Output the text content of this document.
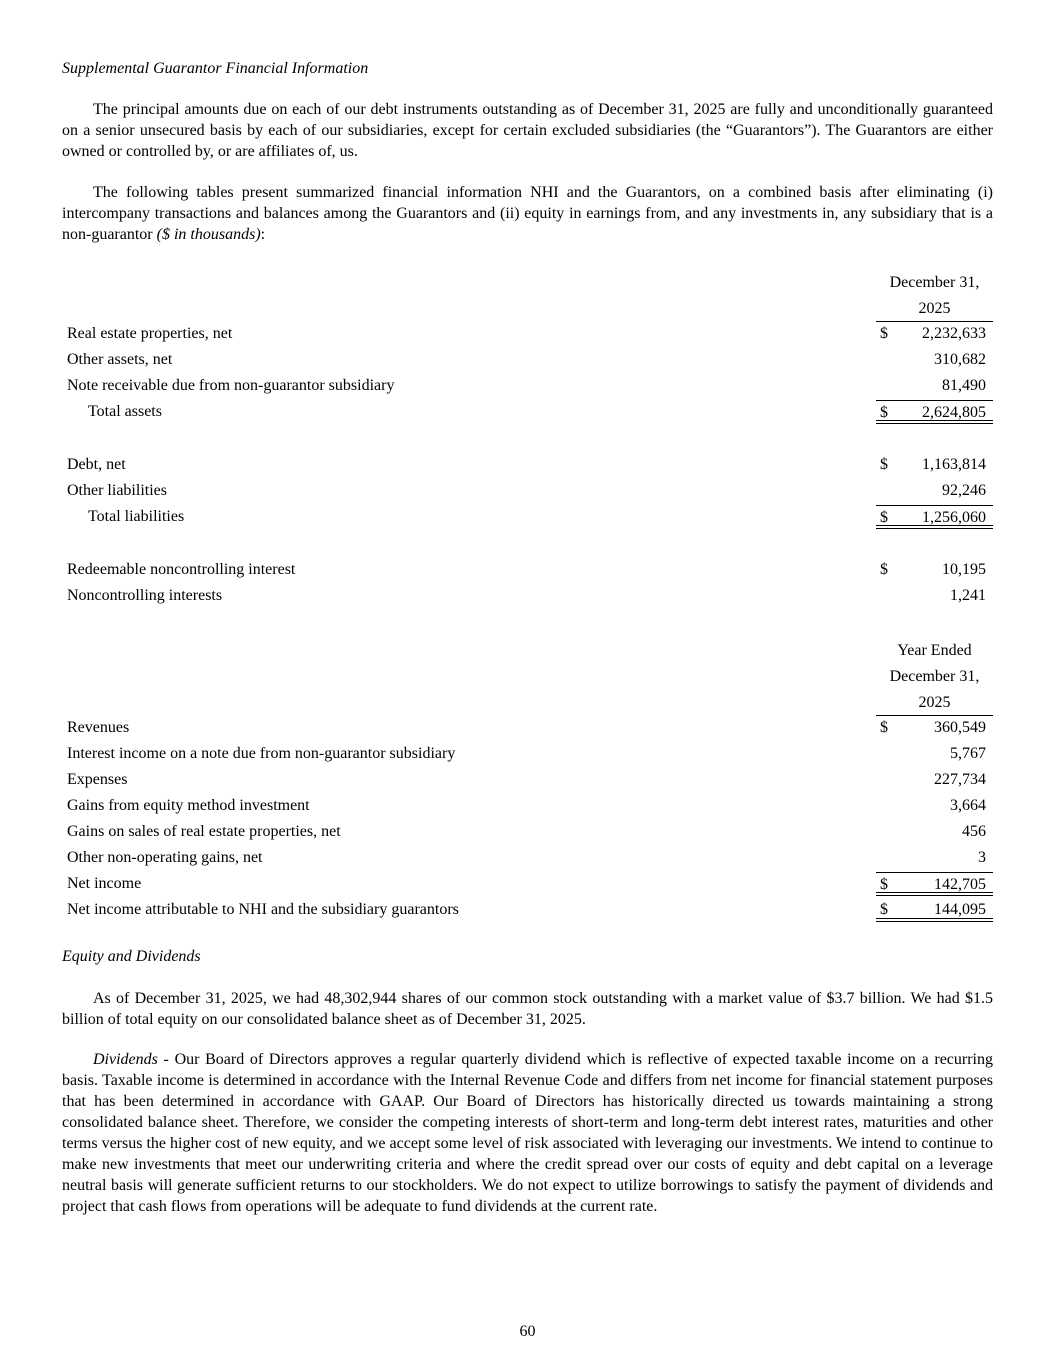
Supplemental Guarantor Financial Information

The principal amounts due on each of our debt instruments outstanding as of December 31, 2025 are fully and unconditionally guaranteed on a senior unsecured basis by each of our subsidiaries, except for certain excluded subsidiaries (the “Guarantors”). The Guarantors are either owned or controlled by, or are affiliates of, us.

The following tables present summarized financial information NHI and the Guarantors, on a combined basis after eliminating (i) intercompany transactions and balances among the Guarantors and (ii) equity in earnings from, and any investments in, any subsidiary that is a non-guarantor ($ in thousands):

December 31,
2025
Real estate properties, net	$ 2,232,633
Other assets, net	310,682
Note receivable due from non-guarantor subsidiary	81,490
Total assets	$ 2,624,805
Debt, net	$ 1,163,814
Other liabilities	92,246
Total liabilities	$ 1,256,060
Redeemable noncontrolling interest	$	10,195
Noncontrolling interests	1,241
Year Ended
December 31,
2025
Revenues	$	360,549
Interest income on a note due from non-guarantor subsidiary	5,767
Expenses	227,734
Gains from equity method investment	3,664
Gains on sales of real estate properties, net	456
Other non-operating gains, net	3
Net income	$	142,705
Net income attributable to NHI and the subsidiary guarantors	$	144,095
Equity and Dividends

As of December 31, 2025, we had 48,302,944 shares of our common stock outstanding with a market value of $3.7 billion. We had $1.5 billion of total equity on our consolidated balance sheet as of December 31, 2025.

Dividends - Our Board of Directors approves a regular quarterly dividend which is reflective of expected taxable income on a recurring basis. Taxable income is determined in accordance with the Internal Revenue Code and differs from net income for financial statement purposes that has been determined in accordance with GAAP. Our Board of Directors has historically directed us towards maintaining a strong consolidated balance sheet. Therefore, we consider the competing interests of short-term and long-term debt interest rates, maturities and other terms versus the higher cost of new equity, and we accept some level of risk associated with leveraging our investments. We intend to continue to make new investments that meet our underwriting criteria and where the credit spread over our costs of equity and debt capital on a leverage neutral basis will generate sufficient returns to our stockholders. We do not expect to utilize borrowings to satisfy the payment of dividends and project that cash flows from operations will be adequate to fund dividends at the current rate.

60
